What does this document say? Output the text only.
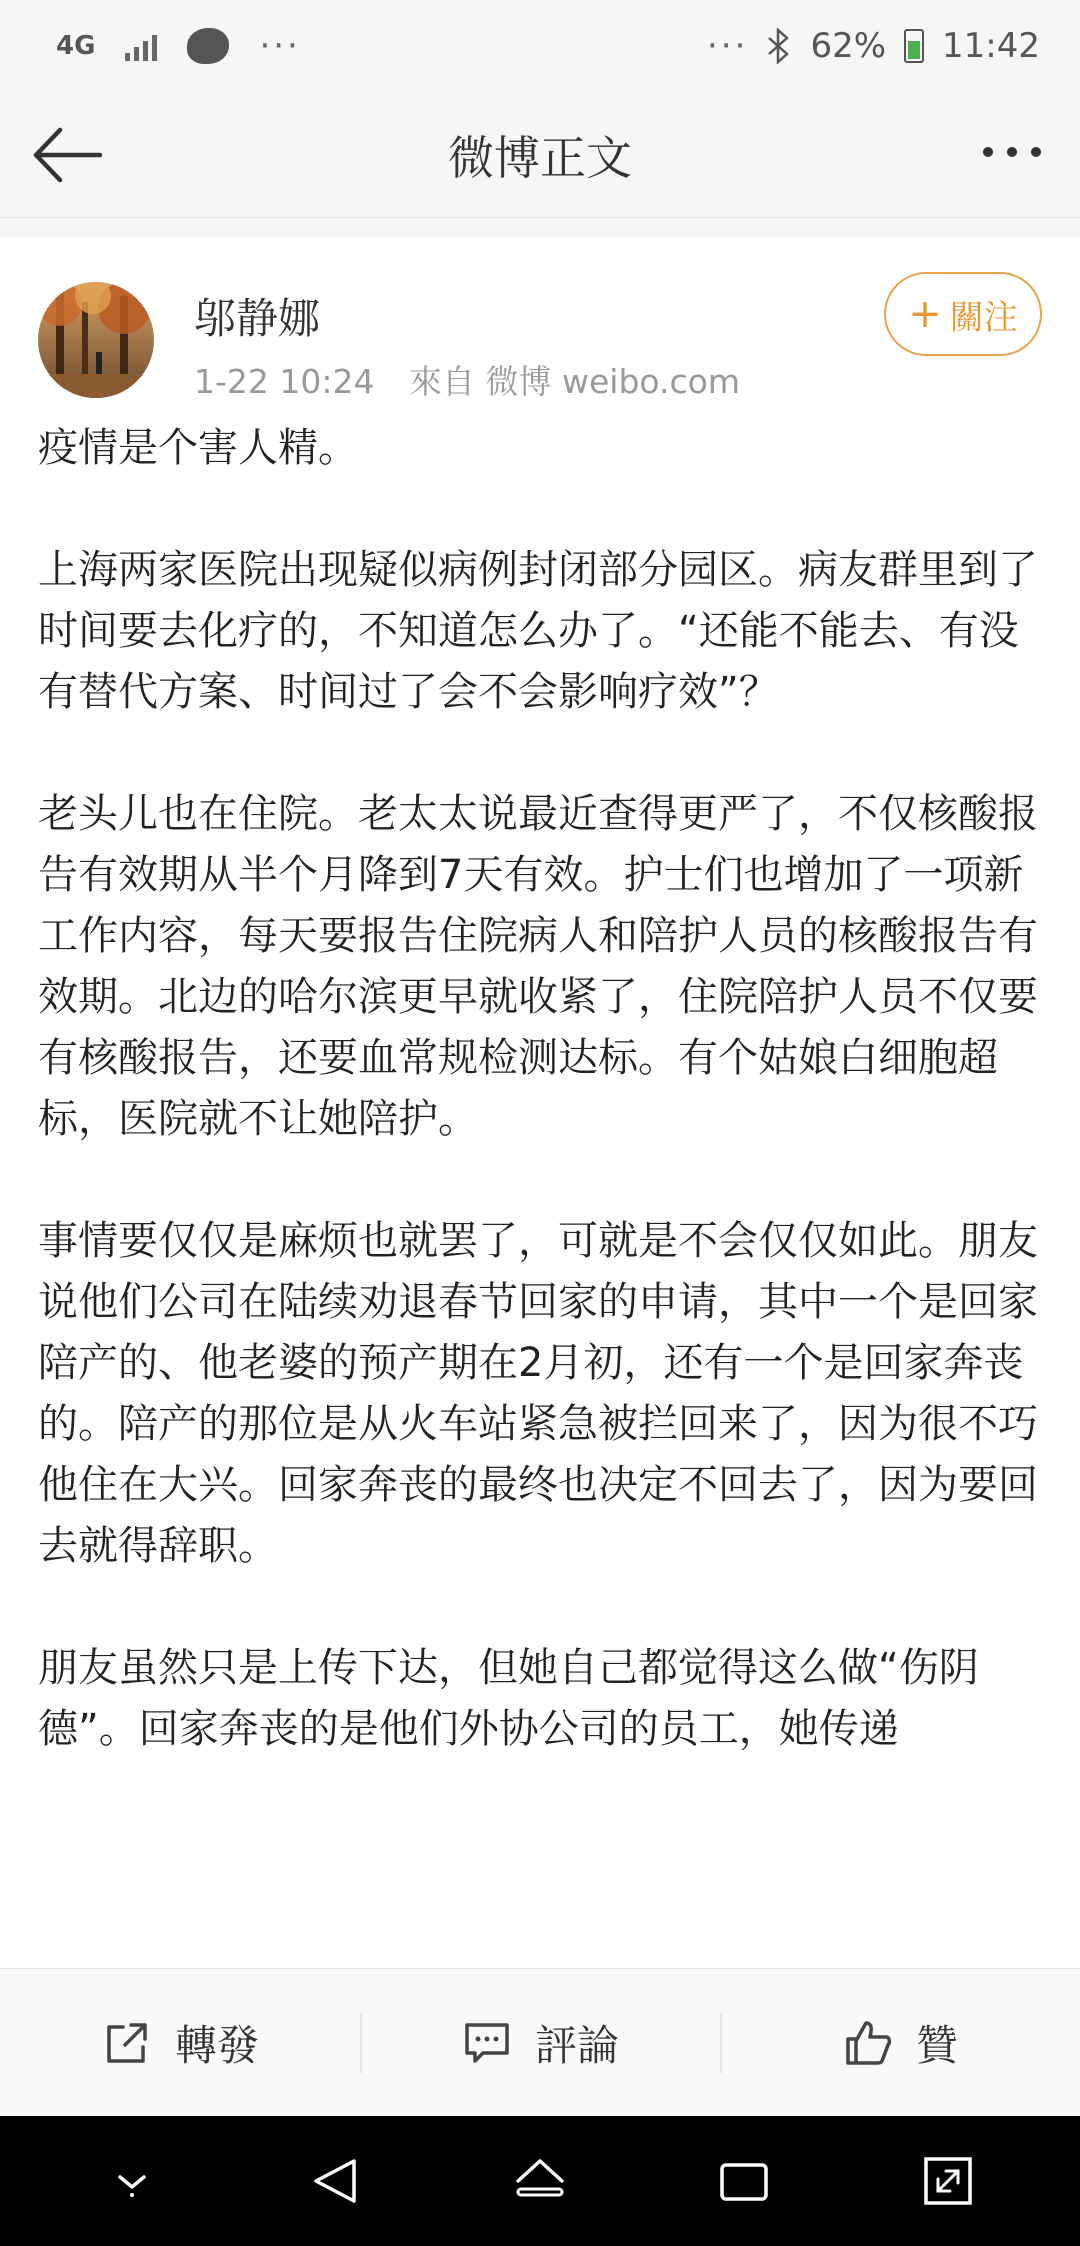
4G	···	··· 62% 11:42
微博正文
邬静娜
1-22 10:24 來自 微博 weibo.com
+ 關注

疫情是个害人精。

上海两家医院出现疑似病例封闭部分园区。病友群里到了时间要去化疗的，不知道怎么办了。“还能不能去、有没有替代方案、时间过了会不会影响疗效”？

老头儿也在住院。老太太说最近查得更严了，不仅核酸报告有效期从半个月降到7天有效。护士们也增加了一项新工作内容，每天要报告住院病人和陪护人员的核酸报告有效期。北边的哈尔滨更早就收紧了，住院陪护人员不仅要有核酸报告，还要血常规检测达标。有个姑娘白细胞超标，医院就不让她陪护。

事情要仅仅是麻烦也就罢了，可就是不会仅仅如此。朋友说他们公司在陆续劝退春节回家的申请，其中一个是回家陪产的、他老婆的预产期在2月初，还有一个是回家奔丧的。陪产的那位是从火车站紧急被拦回来了，因为很不巧他住在大兴。回家奔丧的最终也决定不回去了，因为要回去就得辞职。

朋友虽然只是上传下达，但她自己都觉得这么做“伤阴德”。回家奔丧的是他们外协公司的员工，她传递

轉發	評論	贊
